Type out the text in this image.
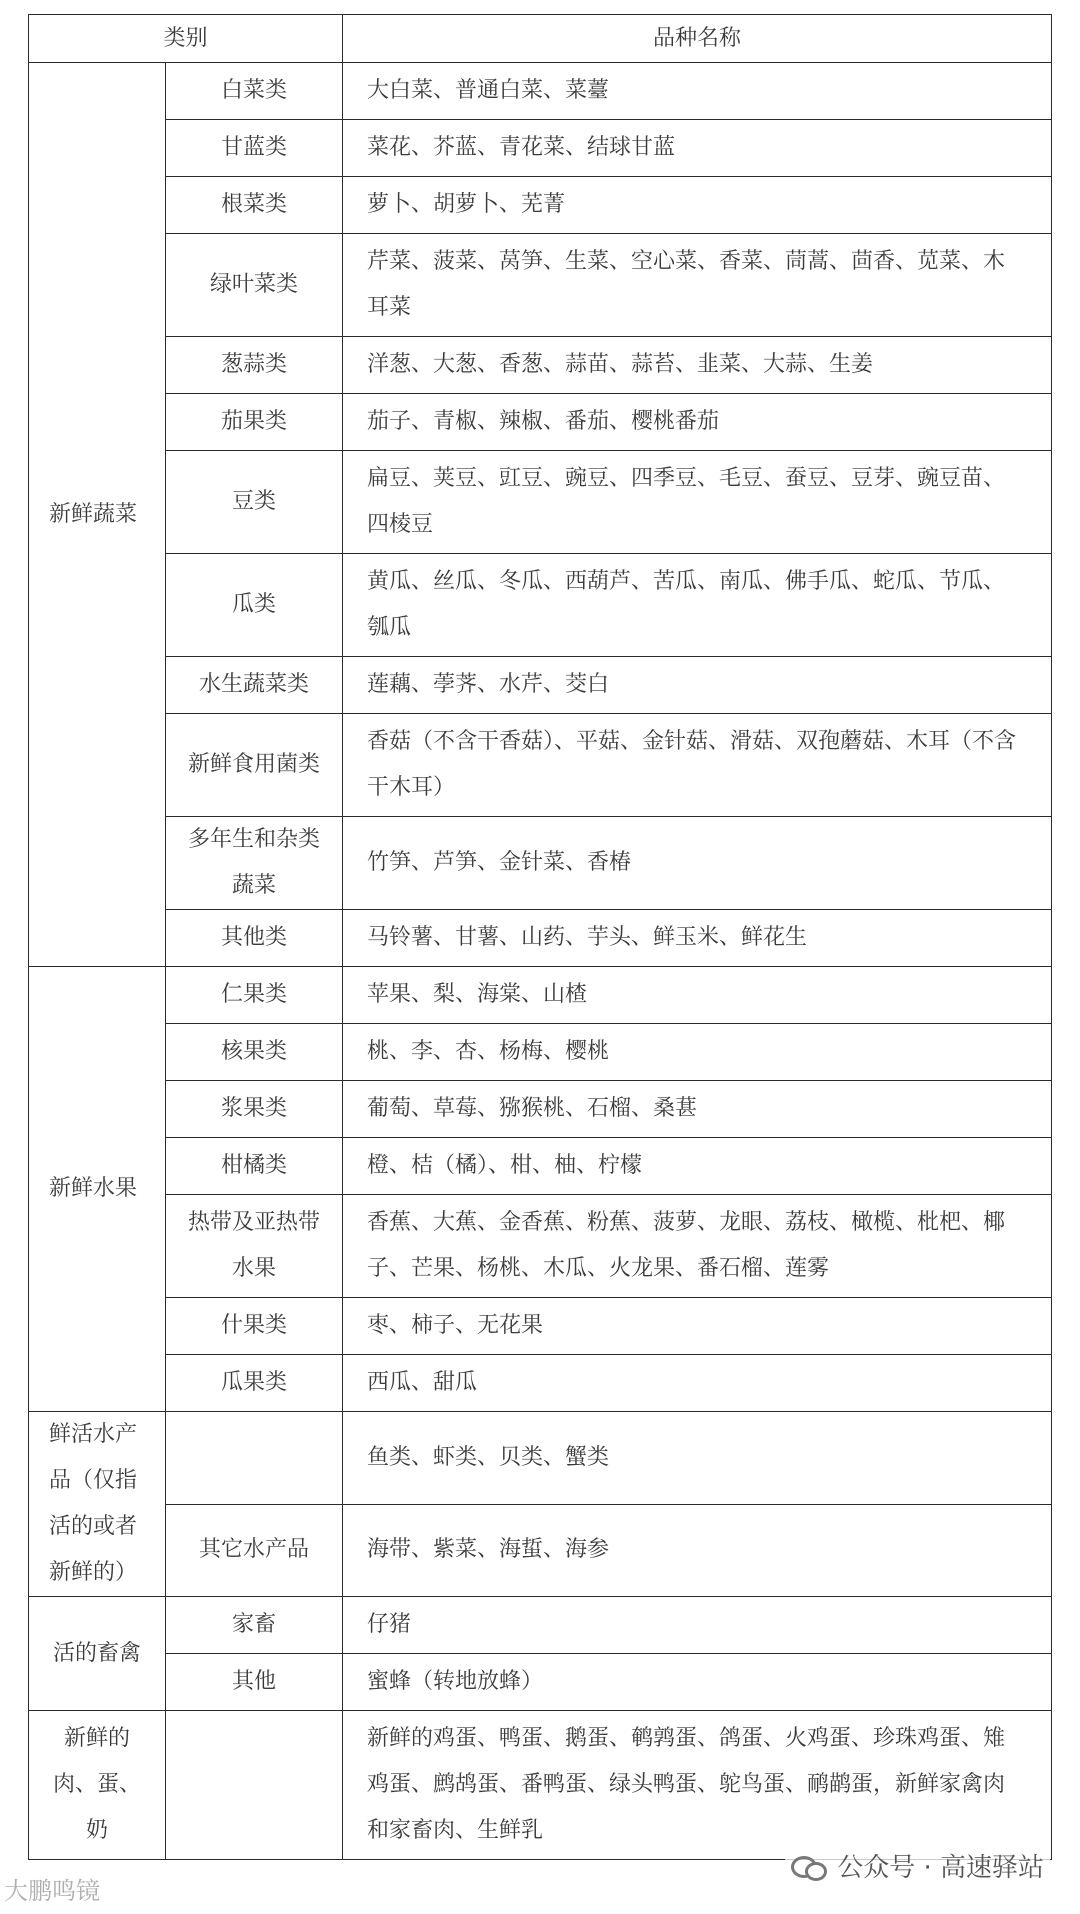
类别		品种名称
新鲜蔬菜	白菜类	大白菜、普通白菜、菜薹
	甘蓝类	菜花、芥蓝、青花菜、结球甘蓝
	根菜类	萝卜、胡萝卜、芜菁
	绿叶菜类	芹菜、菠菜、莴笋、生菜、空心菜、香菜、茼蒿、茴香、苋菜、木耳菜
	葱蒜类	洋葱、大葱、香葱、蒜苗、蒜苔、韭菜、大蒜、生姜
	茄果类	茄子、青椒、辣椒、番茄、樱桃番茄
	豆类	扁豆、荚豆、豇豆、豌豆、四季豆、毛豆、蚕豆、豆芽、豌豆苗、四棱豆
	瓜类	黄瓜、丝瓜、冬瓜、西葫芦、苦瓜、南瓜、佛手瓜、蛇瓜、节瓜、瓠瓜
	水生蔬菜类	莲藕、荸荠、水芹、茭白
	新鲜食用菌类	香菇（不含干香菇）、平菇、金针菇、滑菇、双孢蘑菇、木耳（不含干木耳）
	多年生和杂类蔬菜	竹笋、芦笋、金针菜、香椿
	其他类	马铃薯、甘薯、山药、芋头、鲜玉米、鲜花生
新鲜水果	仁果类	苹果、梨、海棠、山楂
	核果类	桃、李、杏、杨梅、樱桃
	浆果类	葡萄、草莓、猕猴桃、石榴、桑葚
	柑橘类	橙、桔（橘）、柑、柚、柠檬
	热带及亚热带水果	香蕉、大蕉、金香蕉、粉蕉、菠萝、龙眼、荔枝、橄榄、枇杷、椰子、芒果、杨桃、木瓜、火龙果、番石榴、莲雾
	什果类	枣、柿子、无花果
	瓜果类	西瓜、甜瓜
鲜活水产品（仅指活的或者新鲜的）		鱼类、虾类、贝类、蟹类
	其它水产品	海带、紫菜、海蜇、海参
活的畜禽	家畜	仔猪
	其他	蜜蜂（转地放蜂）
新鲜的肉、蛋、奶		新鲜的鸡蛋、鸭蛋、鹅蛋、鹌鹑蛋、鸽蛋、火鸡蛋、珍珠鸡蛋、雉鸡蛋、鹧鸪蛋、番鸭蛋、绿头鸭蛋、鸵鸟蛋、鸸鹋蛋，新鲜家禽肉和家畜肉、生鲜乳
公众号 · 高速驿站
大鹏鸣镜
